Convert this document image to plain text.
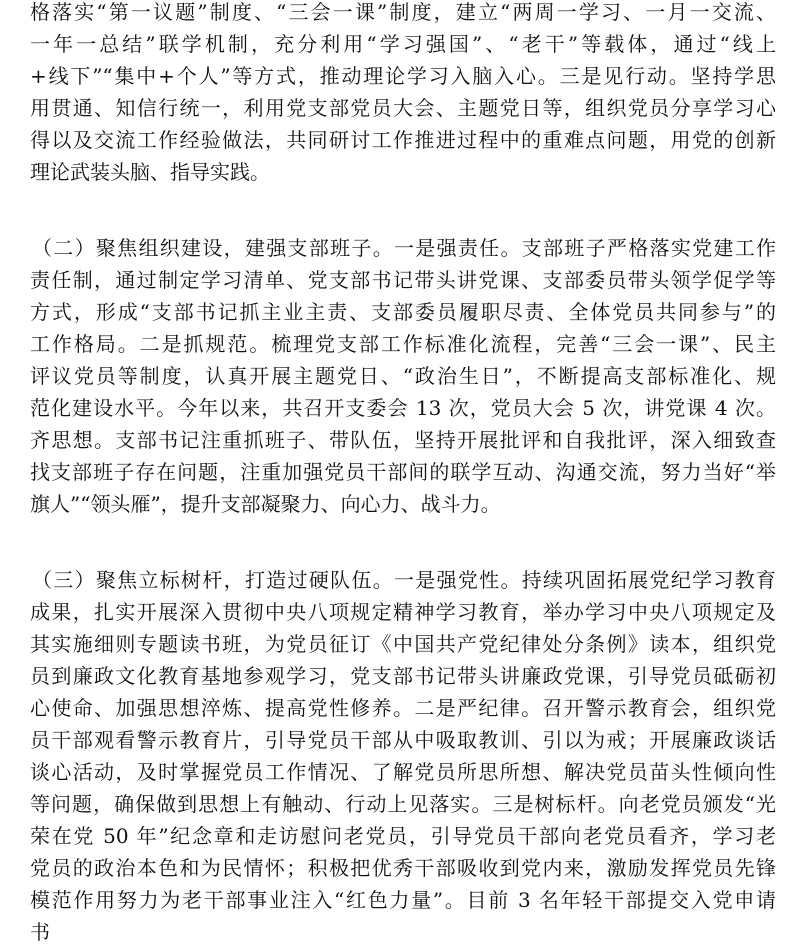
格落实“第一议题”制度、“三会一课”制度，建立“两周一学习、一月一交流、
一年一总结”联学机制，充分利用“学习强国”、“老干”等载体，通过“线上
+线下”“集中+个人”等方式，推动理论学习入脑入心。三是见行动。坚持学思
用贯通、知信行统一，利用党支部党员大会、主题党日等，组织党员分享学习心
得以及交流工作经验做法，共同研讨工作推进过程中的重难点问题，用党的创新
理论武装头脑、指导实践。
（二）聚焦组织建设，建强支部班子。一是强责任。支部班子严格落实党建工作
责任制，通过制定学习清单、党支部书记带头讲党课、支部委员带头领学促学等
方式，形成“支部书记抓主业主责、支部委员履职尽责、全体党员共同参与”的
工作格局。二是抓规范。梳理党支部工作标准化流程，完善“三会一课”、民主
评议党员等制度，认真开展主题党日、“政治生日”，不断提高支部标准化、规
范化建设水平。今年以来，共召开支委会 13 次，党员大会 5 次，讲党课 4 次。
齐思想。支部书记注重抓班子、带队伍，坚持开展批评和自我批评，深入细致查
找支部班子存在问题，注重加强党员干部间的联学互动、沟通交流，努力当好“举
旗人”“领头雁”，提升支部凝聚力、向心力、战斗力。
（三）聚焦立标树杆，打造过硬队伍。一是强党性。持续巩固拓展党纪学习教育
成果，扎实开展深入贯彻中央八项规定精神学习教育，举办学习中央八项规定及
其实施细则专题读书班，为党员征订《中国共产党纪律处分条例》读本，组织党
员到廉政文化教育基地参观学习，党支部书记带头讲廉政党课，引导党员砥砺初
心使命、加强思想淬炼、提高党性修养。二是严纪律。召开警示教育会，组织党
员干部观看警示教育片，引导党员干部从中吸取教训、引以为戒；开展廉政谈话
谈心活动，及时掌握党员工作情况、了解党员所思所想、解决党员苗头性倾向性
等问题，确保做到思想上有触动、行动上见落实。三是树标杆。向老党员颁发“光
荣在党 50 年”纪念章和走访慰问老党员，引导党员干部向老党员看齐，学习老
党员的政治本色和为民情怀；积极把优秀干部吸收到党内来，激励发挥党员先锋
模范作用努力为老干部事业注入“红色力量”。目前 3 名年轻干部提交入党申请
书
